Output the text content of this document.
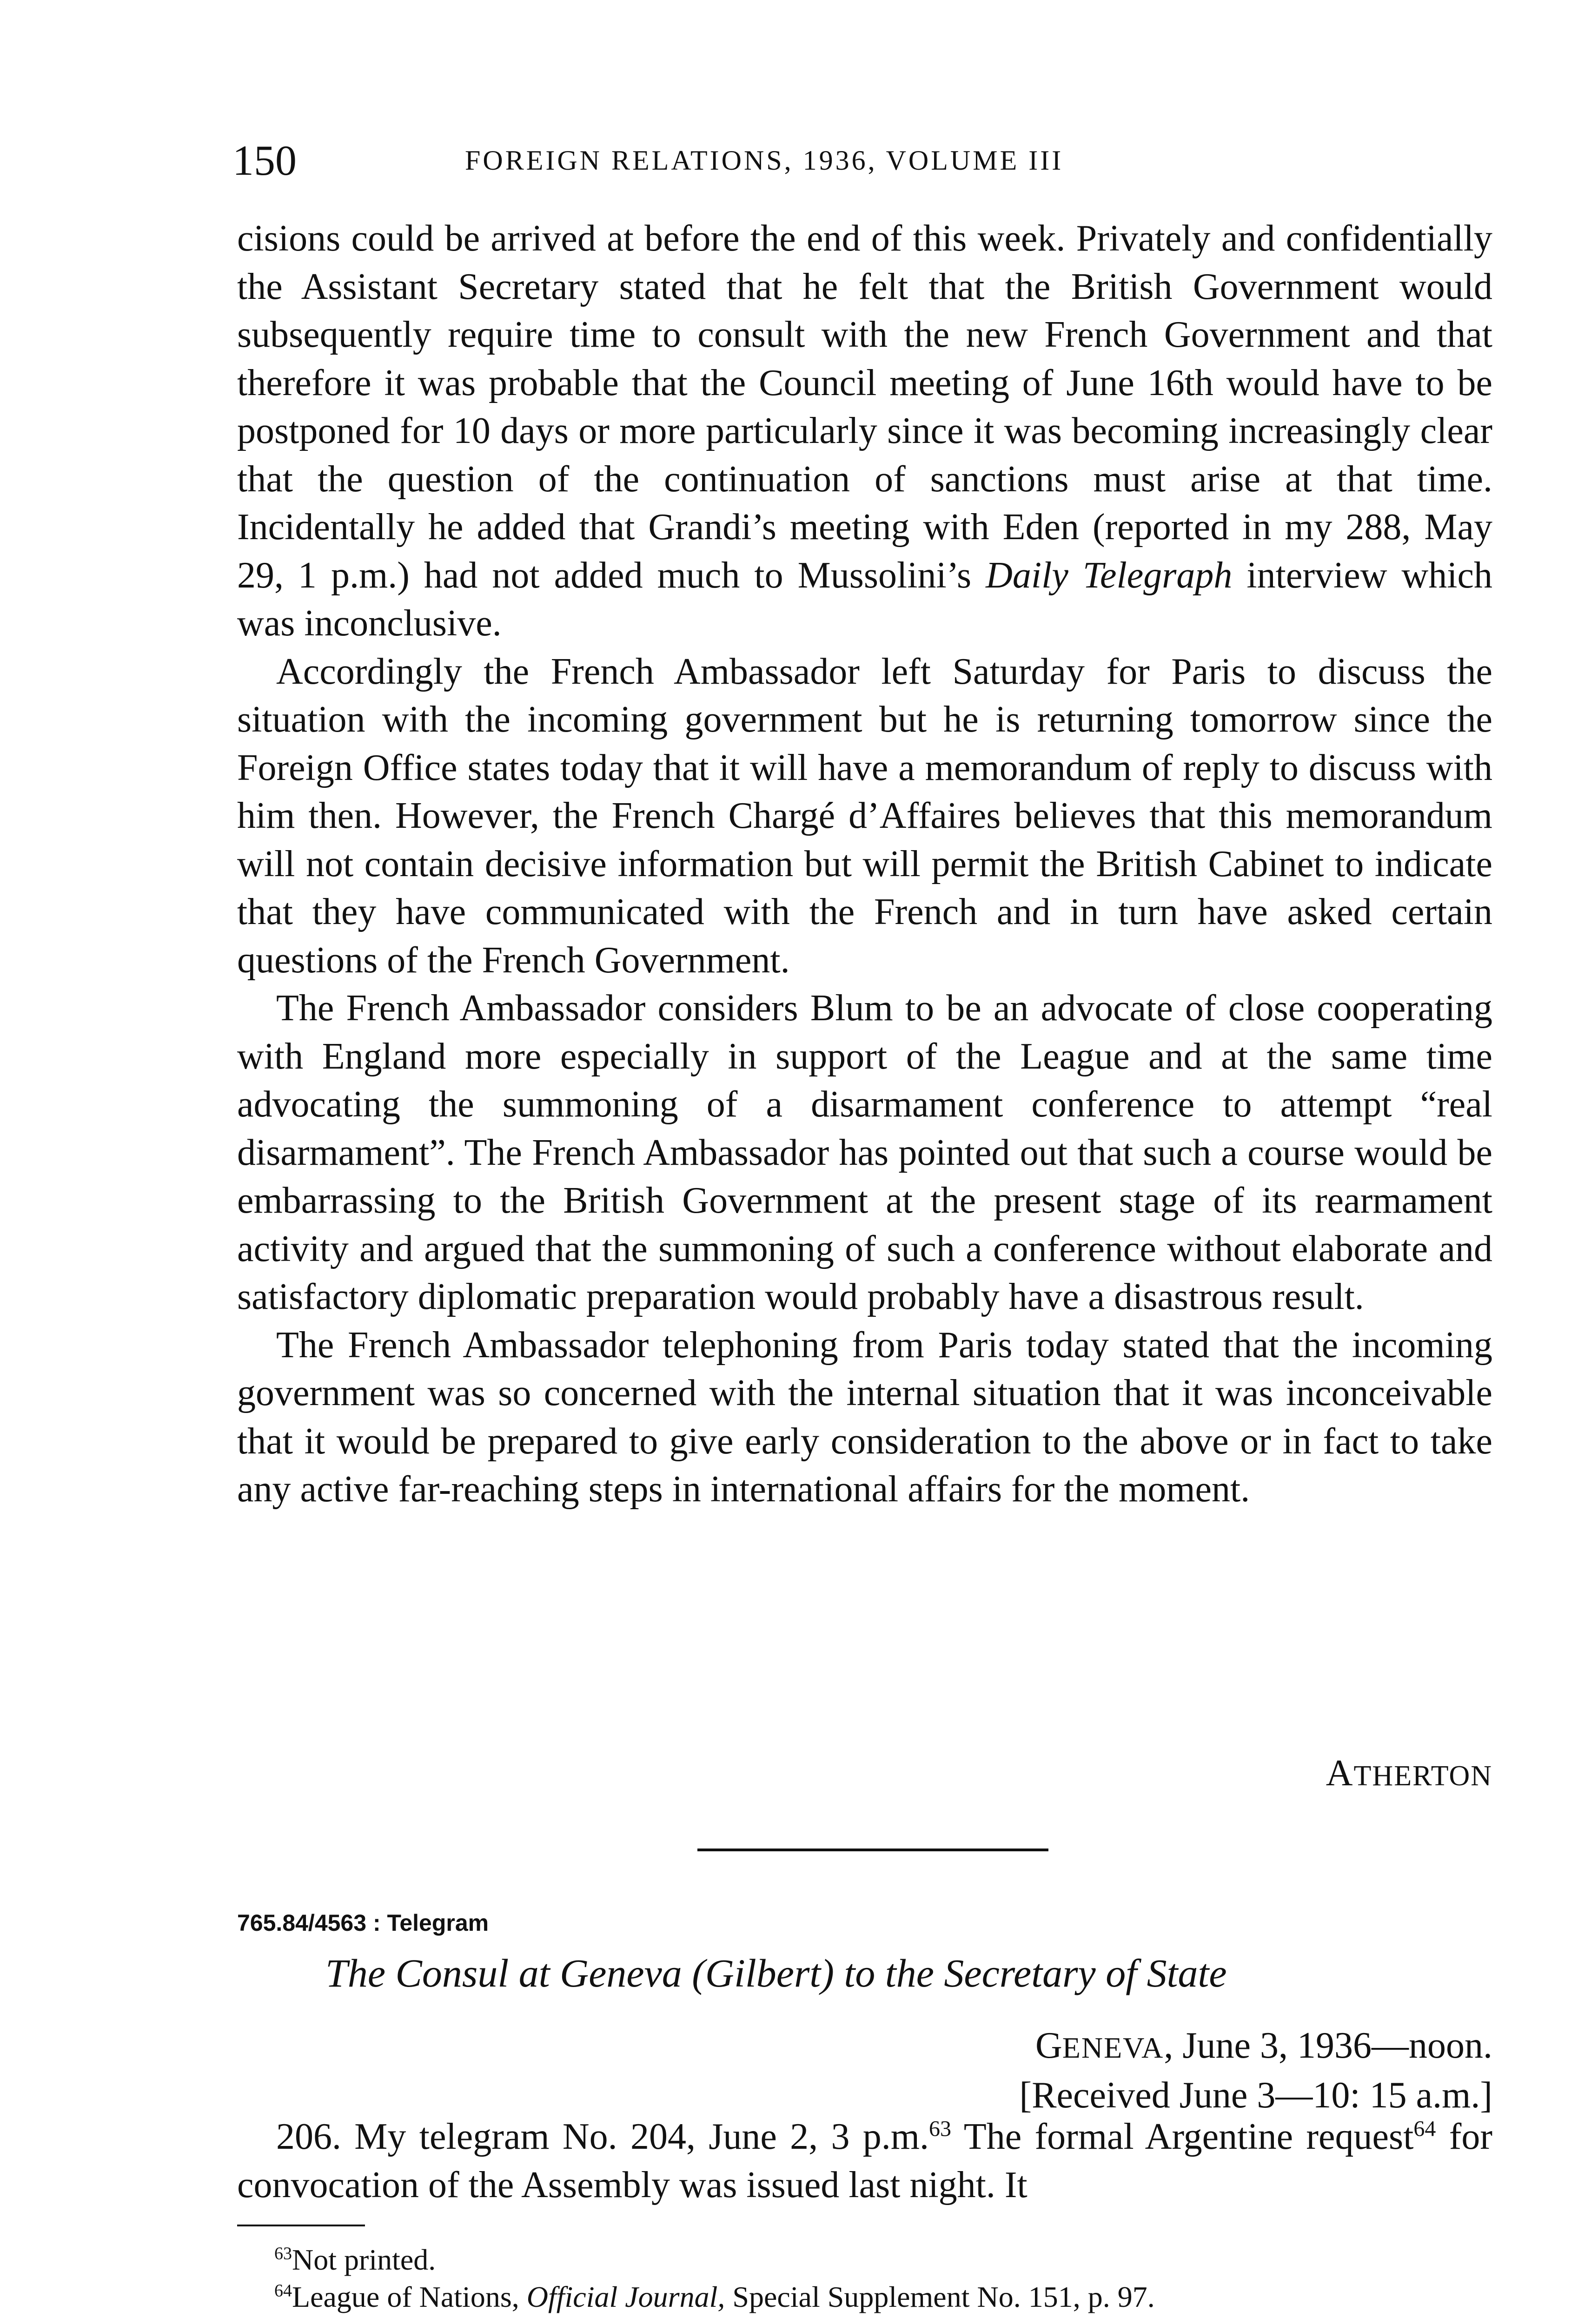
150	FOREIGN RELATIONS, 1936, VOLUME III

cisions could be arrived at before the end of this week. Privately and confidentially the Assistant Secretary stated that he felt that the British Government would subsequently require time to consult with the new French Government and that therefore it was probable that the Council meeting of June 16th would have to be postponed for 10 days or more particularly since it was becoming increasingly clear that the question of the continuation of sanctions must arise at that time. Incidentally he added that Grandi’s meeting with Eden (reported in my 288, May 29, 1 p.m.) had not added much to Mussolini’s Daily Telegraph interview which was inconclusive.

Accordingly the French Ambassador left Saturday for Paris to discuss the situation with the incoming government but he is returning tomorrow since the Foreign Office states today that it will have a memorandum of reply to discuss with him then. However, the French Chargé d’Affaires believes that this memorandum will not contain decisive information but will permit the British Cabinet to indicate that they have communicated with the French and in turn have asked certain questions of the French Government.

The French Ambassador considers Blum to be an advocate of close cooperating with England more especially in support of the League and at the same time advocating the summoning of a disarmament conference to attempt “real disarmament”. The French Ambassador has pointed out that such a course would be embarrassing to the British Government at the present stage of its rearmament activity and argued that the summoning of such a conference without elaborate and satisfactory diplomatic preparation would probably have a disastrous result.

The French Ambassador telephoning from Paris today stated that the incoming government was so concerned with the internal situation that it was inconceivable that it would be prepared to give early consideration to the above or in fact to take any active far-reaching steps in international affairs for the moment.

ATHERTON
765.84/4563 : Telegram
The Consul at Geneva (Gilbert) to the Secretary of State
GENEVA, June 3, 1936—noon.
[Received June 3—10: 15 a.m.]

206. My telegram No. 204, June 2, 3 p.m.$^{63}$ The formal Argentine request$^{64}$ for convocation of the Assembly was issued last night. It

$^{63}$Not printed.

$^{64}$League of Nations, Official Journal, Special Supplement No. 151, p. 97.
